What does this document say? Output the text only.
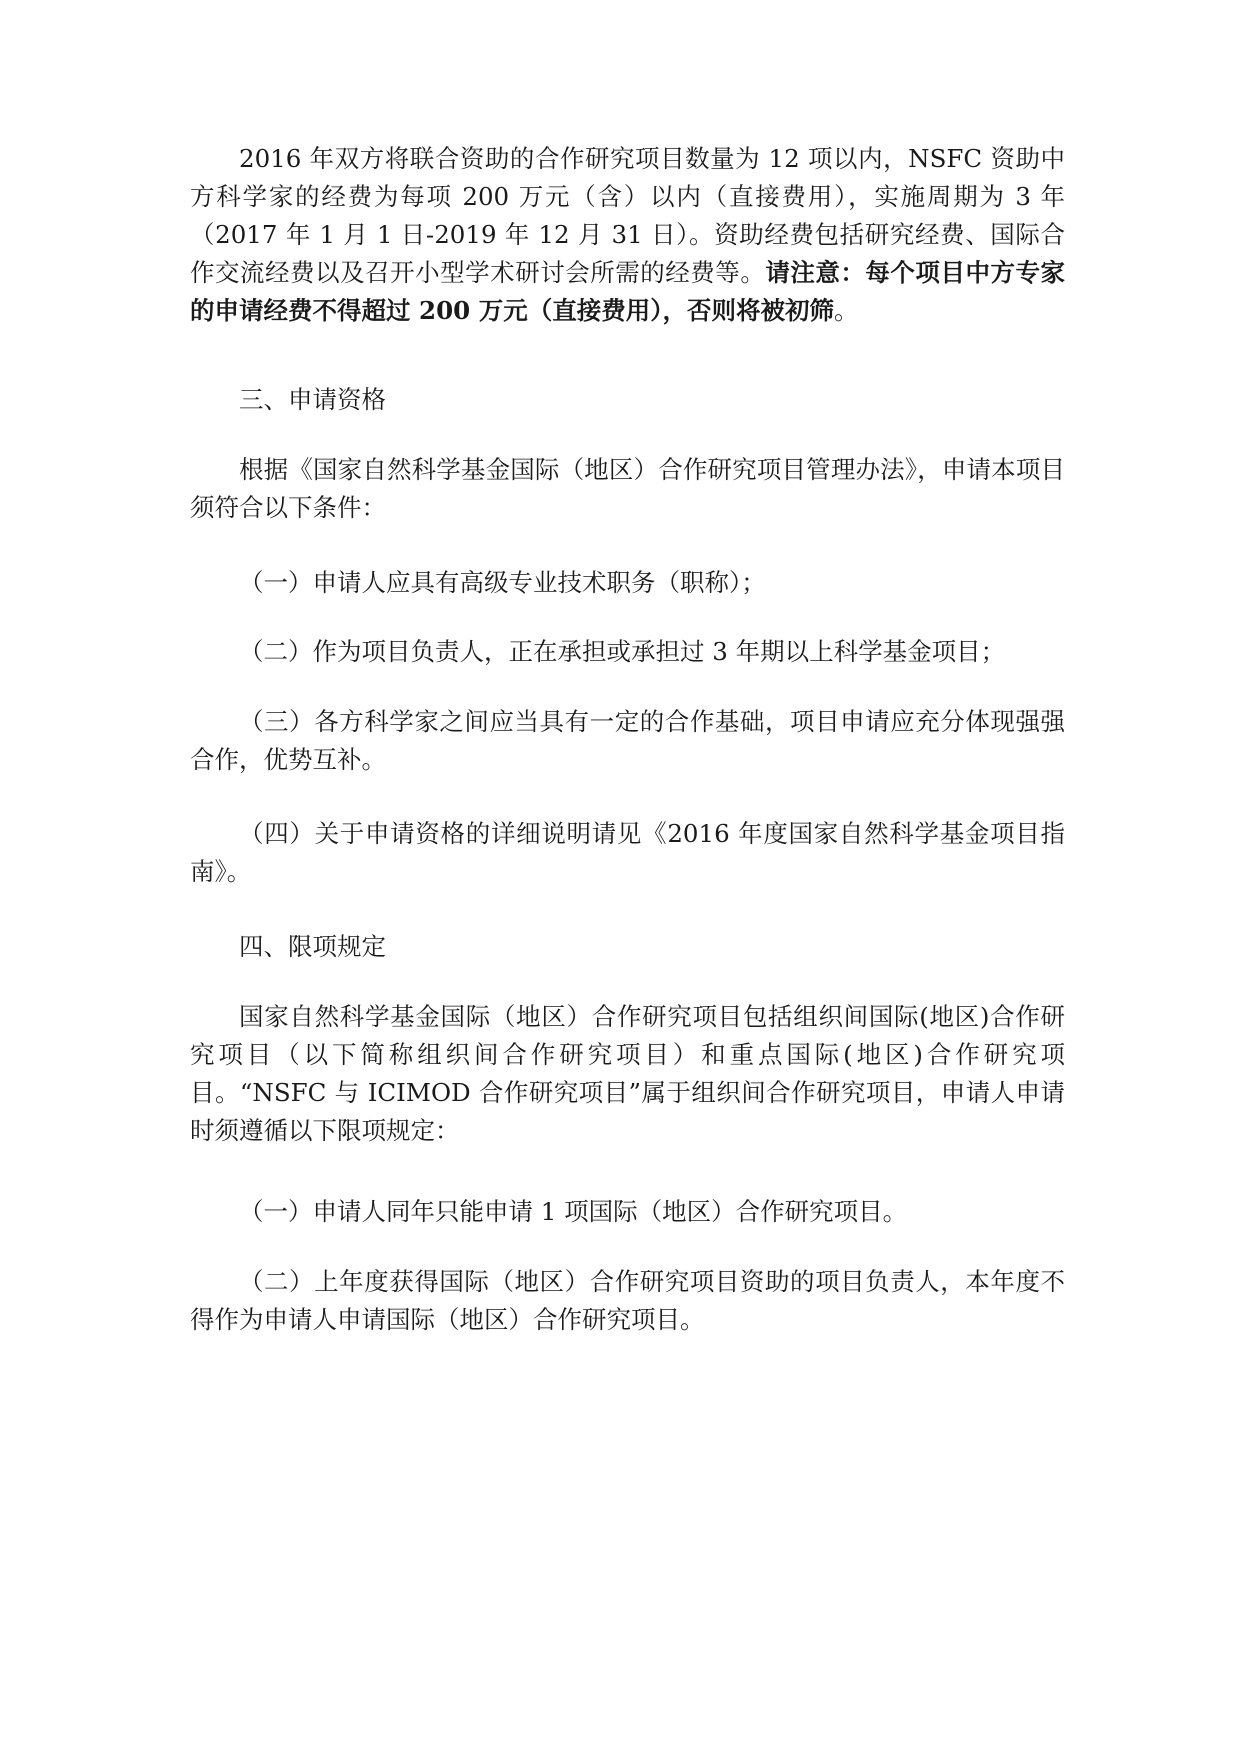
2016 年双方将联合资助的合作研究项目数量为 12 项以内，NSFC 资助中方科学家的经费为每项 200 万元（含）以内（直接费用），实施周期为 3 年（2017 年 1 月 1 日-2019 年 12 月 31 日）。资助经费包括研究经费、国际合作交流经费以及召开小型学术研讨会所需的经费等。请注意：每个项目中方专家的申请经费不得超过 200 万元（直接费用），否则将被初筛。

三、申请资格

根据《国家自然科学基金国际（地区）合作研究项目管理办法》，申请本项目须符合以下条件：

（一）申请人应具有高级专业技术职务（职称）；

（二）作为项目负责人，正在承担或承担过 3 年期以上科学基金项目；

（三）各方科学家之间应当具有一定的合作基础，项目申请应充分体现强强合作，优势互补。

（四）关于申请资格的详细说明请见《2016 年度国家自然科学基金项目指南》。

四、限项规定

国家自然科学基金国际（地区）合作研究项目包括组织间国际(地区)合作研究项目（以下简称组织间合作研究项目）和重点国际(地区)合作研究项目。“NSFC 与 ICIMOD 合作研究项目”属于组织间合作研究项目，申请人申请时须遵循以下限项规定：

（一）申请人同年只能申请 1 项国际（地区）合作研究项目。

（二）上年度获得国际（地区）合作研究项目资助的项目负责人，本年度不得作为申请人申请国际（地区）合作研究项目。
